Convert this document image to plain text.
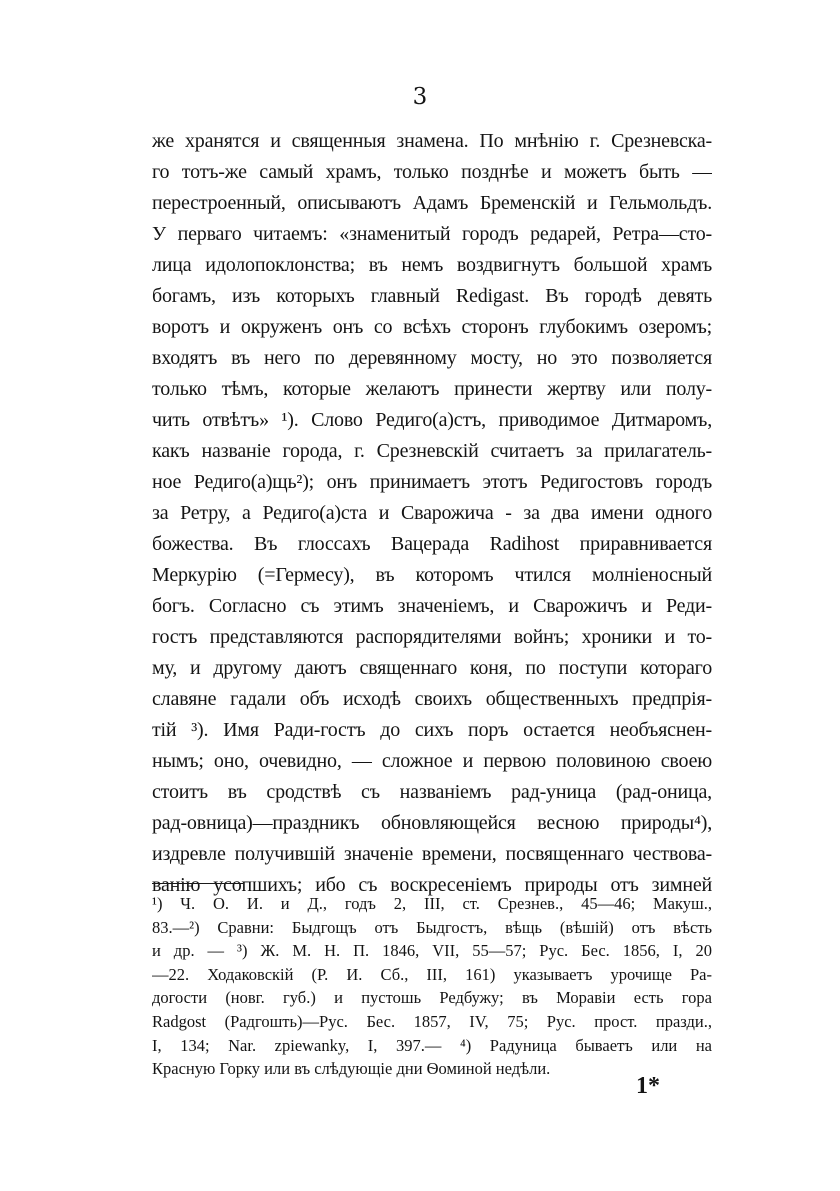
3
же хранятся и священныя знамена. По мнѣнію г. Срезневска-
го тотъ-же самый храмъ, только позднѣе и можетъ быть —
перестроенный, описываютъ Адамъ Бременскій и Гельмольдъ.
У перваго читаемъ: «знаменитый городъ редарей, Ретра—сто-
лица идолопоклонства; въ немъ воздвигнутъ большой храмъ
богамъ, изъ которыхъ главный Redigast. Въ городѣ девять
воротъ и окруженъ онъ со всѣхъ сторонъ глубокимъ озеромъ;
входятъ въ него по деревянному мосту, но это позволяется
только тѣмъ, которые желаютъ принести жертву или полу-
чить отвѣтъ» ¹). Слово Редиго(а)стъ, приводимое Дитмаромъ,
какъ названіе города, г. Срезневскій считаетъ за прилагатель-
ное Редиго(а)щь²); онъ принимаетъ этотъ Редигостовъ городъ
за Ретру, а Редиго(а)ста и Сварожича - за два имени одного
божества. Въ глоссахъ Вацерада Radihost приравнивается
Меркурію (=Гермесу), въ которомъ чтился молніеносный
богъ. Согласно съ этимъ значеніемъ, и Сварожичъ и Реди-
гостъ представляются распорядителями войнъ; хроники и то-
му, и другому даютъ священнаго коня, по поступи котораго
славяне гадали объ исходѣ своихъ общественныхъ предпрія-
тій ³). Имя Ради-гостъ до сихъ поръ остается необъяснен-
нымъ; оно, очевидно, — сложное и первою половиною своею
стоитъ въ сродствѣ съ названіемъ рад-уница (рад-оница,
рад-овница)—праздникъ обновляющейся весною природы⁴),
издревле получившій значеніе времени, посвященнаго чествова-
ванію усопшихъ; ибо съ воскресеніемъ природы отъ зимней
¹) Ч. О. И. и Д., годъ 2, III, ст. Срезнев., 45—46; Макуш.,
83.—²) Сравни: Быдгощъ отъ Быдгостъ, вѣщь (вѣшій) отъ вѣсть
и др. — ³) Ж. М. Н. П. 1846, VII, 55—57; Рус. Бес. 1856, I, 20
—22. Ходаковскій (Р. И. Сб., III, 161) указываетъ урочище Ра-
догости (новг. губ.) и пустошь Редбужу; въ Моравіи есть гора
Radgost (Радгошть)—Рус. Бес. 1857, IV, 75; Рус. прост. празди.,
I, 134; Nar. zpiewanky, I, 397.— ⁴) Радуница бываетъ или на
Красную Горку или въ слѣдующіе дни Ѳоминой недѣли.
1*
